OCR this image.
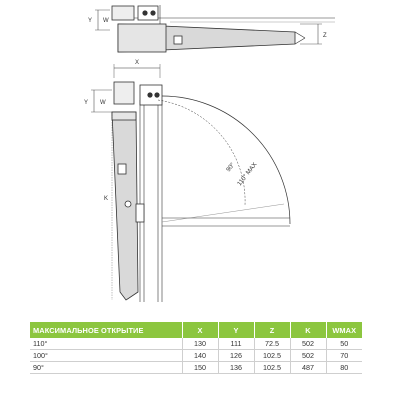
Y W
Z
X
Y W
K
90° 110° MAX
МАКСИМАЛЬНОЕ ОТКРЫТИЕ	X	Y	Z	K	WMAX
110°	130	111	72.5	502	50
100°	140	126	102.5	502	70
90°	150	136	102.5	487	80
